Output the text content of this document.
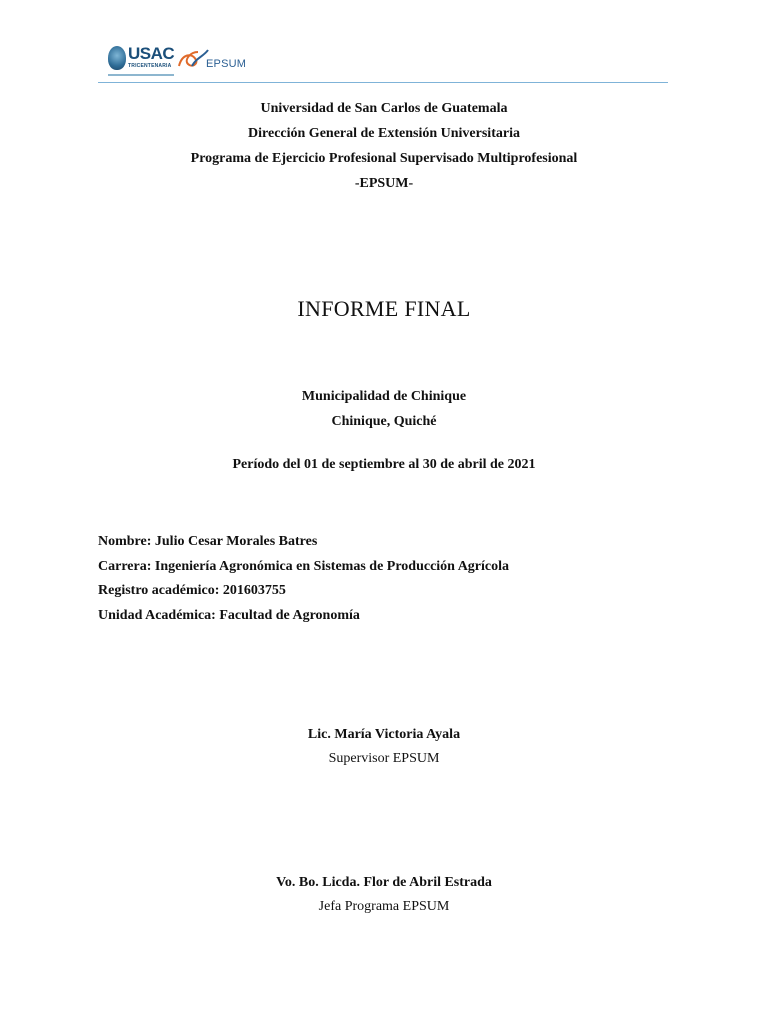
USAC
TRICENTENARIA	EPSUM
Universidad de San Carlos de Guatemala
Dirección General de Extensión Universitaria
Programa de Ejercicio Profesional Supervisado Multiprofesional
-EPSUM-
INFORME FINAL
Municipalidad de Chinique
Chinique, Quiché
Período del 01 de septiembre al 30 de abril de 2021
Nombre: Julio Cesar Morales Batres
Carrera: Ingeniería Agronómica en Sistemas de Producción Agrícola
Registro académico: 201603755
Unidad Académica: Facultad de Agronomía
Lic. María Victoria Ayala
Supervisor EPSUM
Vo. Bo. Licda. Flor de Abril Estrada
Jefa Programa EPSUM
